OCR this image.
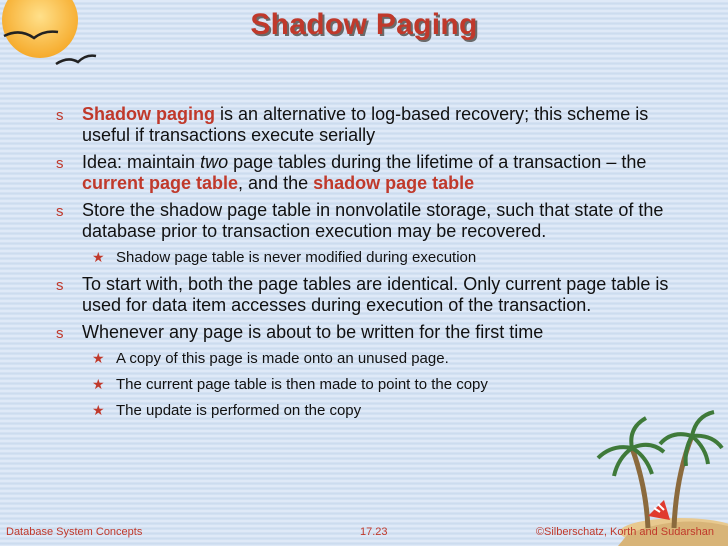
Shadow Paging
s Shadow paging is an alternative to log-based recovery; this scheme is useful if transactions execute serially
s Idea: maintain two page tables during the lifetime of a transaction – the current page table, and the shadow page table
s Store the shadow page table in nonvolatile storage, such that state of the database prior to transaction execution may be recovered.
★ Shadow page table is never modified during execution
s To start with, both the page tables are identical. Only current page table is used for data item accesses during execution of the transaction.
s Whenever any page is about to be written for the first time
★ A copy of this page is made onto an unused page.
★ The current page table is then made to point to the copy
★ The update is performed on the copy
Database System Concepts	17.23	©Silberschatz, Korth and Sudarshan
